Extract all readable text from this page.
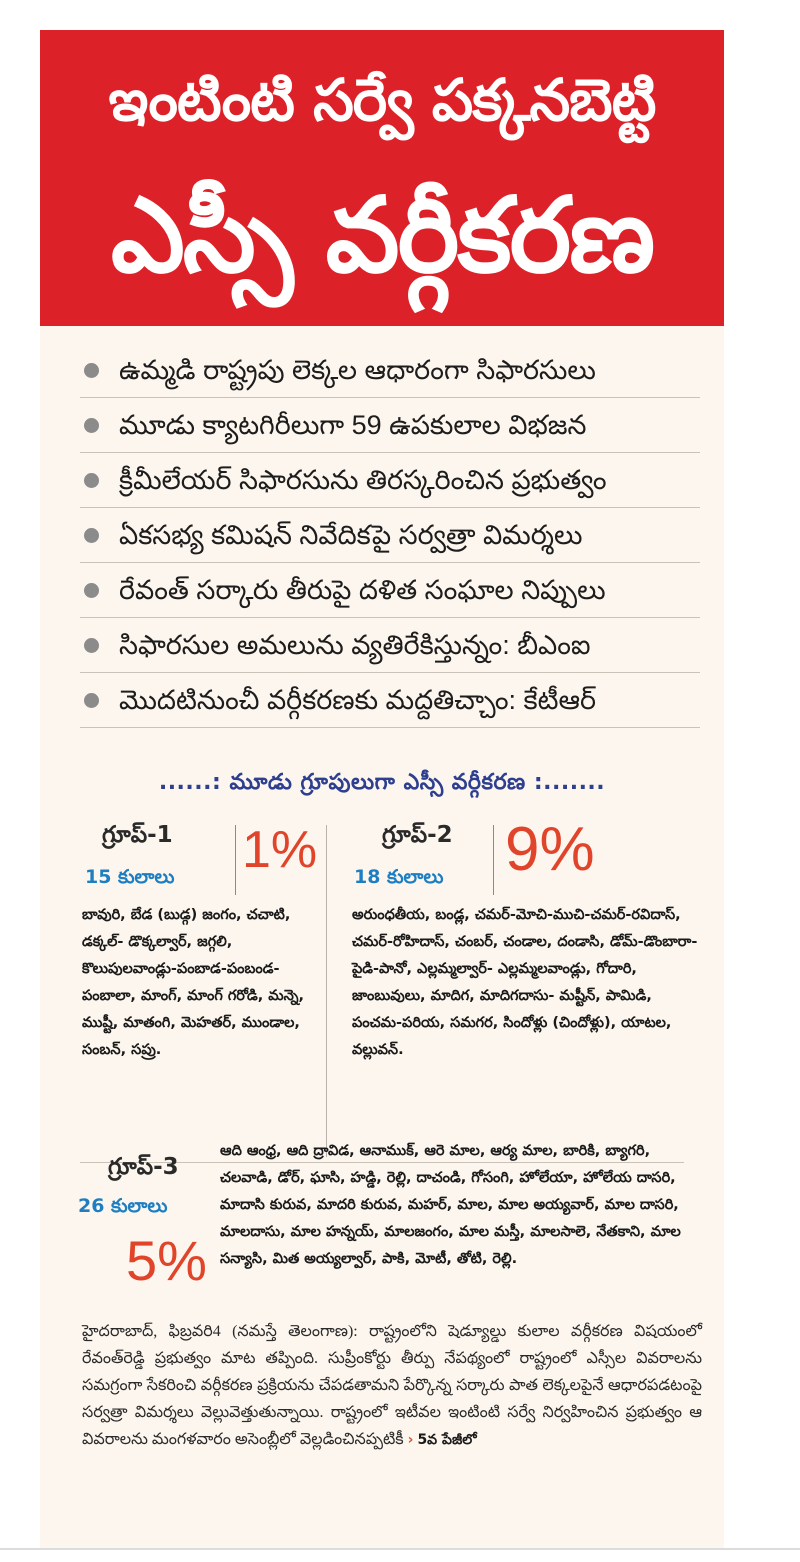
ఇంటింటి సర్వే పక్కనబెట్టి
ఎస్సీ వర్గీకరణ
ఉమ్మడి రాష్ట్రపు లెక్కల ఆధారంగా సిఫారసులు
మూడు క్యాటగిరీలుగా 59 ఉపకులాల విభజన
క్రీమీలేయర్ సిఫారసును తిరస్కరించిన ప్రభుత్వం
ఏకసభ్య కమిషన్ నివేదికపై సర్వత్రా విమర్శలు
రేవంత్ సర్కారు తీరుపై దళిత సంఘాల నిప్పులు
సిఫారసుల అమలును వ్యతిరేకిస్తున్నం: బీఎంఐ
మొదటినుంచీ వర్గీకరణకు మద్దతిచ్చాం: కేటీఆర్
......: మూడు గ్రూపులుగా ఎస్సీ వర్గీకరణ :.......
గ్రూప్-1
15 కులాలు 1%
బావురి, బేడ (బుడ్గ) జంగం, చచాటి, డక్కల్- డొక్కల్వార్, జగ్గలి, కొలుపులవాండ్లు-పంబాడ-పంబండ-పంబాలా, మాంగ్, మాంగ్ గరోడి, మన్నె, ముష్టీ, మాతంగి, మెహతర్, ముండాల, సంబన్, సప్రు.
గ్రూప్-2
18 కులాలు 9%
అరుంధతీయ, బండ్ల, చమర్-మోచి-ముచి-చమర్-రవిదాస్, చమర్-రోహిదాస్, చంబర్, చండాల, దండాసి, డోమ్-డొంబారా-పైడి-పానో, ఎల్లమ్మల్వార్- ఎల్లమ్మలవాండ్లు, గోదారి, జాంబువులు, మాదిగ, మాదిగదాసు- మష్టీన్, పామిడి, పంచమ-పరియ, సమగర, సిందోళ్లు (చిందోళ్లు), యాటల, వల్లువన్.
గ్రూప్-3
26 కులాలు
5%
ఆది ఆంధ్ర, ఆది ద్రావిడ, ఆనాముక్, ఆరె మాల, ఆర్య మాల, బారికి, బ్యాగరి, చలవాడి, డోర్, ఘాసి, హడ్డి, రెల్లి, దాచండి, గోసంగి, హోలేయా, హోలేయ దాసరి, మాదాసి కురువ, మాదరి కురువ, మహర్, మాల, మాల అయ్యవార్, మాల దాసరి, మాలదాసు, మాల హన్నయ్, మాలజంగం, మాల మస్తీ, మాలసాలె, నేతకాని, మాల సన్యాసి, మిత అయ్యల్వార్, పాకి, మోటీ, తోటి, రెల్లి.
హైదరాబాద్, ఫిబ్రవరి4 (నమస్తే తెలంగాణ): రాష్ట్రంలోని షెడ్యూల్డు కులాల వర్గీకరణ విషయంలో రేవంత్‌రెడ్డి ప్రభుత్వం మాట తప్పింది. సుప్రీంకోర్టు తీర్పు నేపథ్యంలో రాష్ట్రంలో ఎస్సీల వివరాలను సమగ్రంగా సేకరించి వర్గీకరణ ప్రక్రియను చేపడతామని పేర్కొన్న సర్కారు పాత లెక్కలపైనే ఆధారపడటంపై సర్వత్రా విమర్శలు వెల్లువెత్తుతున్నాయి. రాష్ట్రంలో ఇటీవల ఇంటింటి సర్వే నిర్వహించిన ప్రభుత్వం ఆ వివరాలను మంగళవారం అసెంబ్లీలో వెల్లడించినప్పటికీ › 5వ పేజీలో
